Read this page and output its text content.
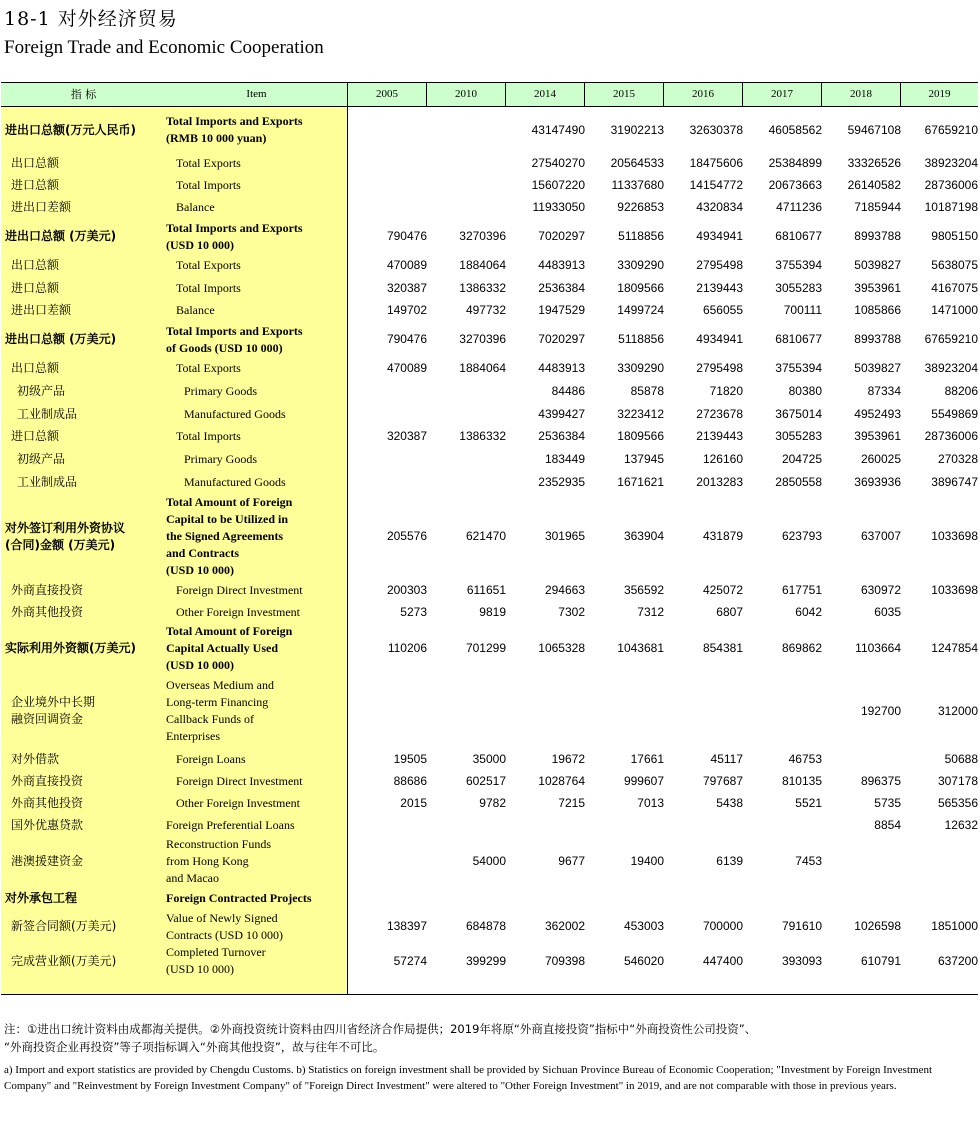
18-1 对外经济贸易
Foreign Trade and Economic Cooperation
指 标	Item	2005	2010	2014	2015	2016	2017	2018	2019
进出口总额(万元人民币)	Total Imports and Exports
(RMB 10 000 yuan)			43147490	31902213	32630378	46058562	59467108	67659210
出口总额	Total Exports			27540270	20564533	18475606	25384899	33326526	38923204
进口总额	Total Imports			15607220	11337680	14154772	20673663	26140582	28736006
进出口差额	Balance			11933050	9226853	4320834	4711236	7185944	10187198
进出口总额 (万美元)	Total Imports and Exports
(USD 10 000)	790476	3270396	7020297	5118856	4934941	6810677	8993788	9805150
出口总额	Total Exports	470089	1884064	4483913	3309290	2795498	3755394	5039827	5638075
进口总额	Total Imports	320387	1386332	2536384	1809566	2139443	3055283	3953961	4167075
进出口差额	Balance	149702	497732	1947529	1499724	656055	700111	1085866	1471000
进出口总额 (万美元)	Total Imports and Exports
of Goods (USD 10 000)	790476	3270396	7020297	5118856	4934941	6810677	8993788	67659210
出口总额	Total Exports	470089	1884064	4483913	3309290	2795498	3755394	5039827	38923204
初级产品	Primary Goods			84486	85878	71820	80380	87334	88206
工业制成品	Manufactured Goods			4399427	3223412	2723678	3675014	4952493	5549869
进口总额	Total Imports	320387	1386332	2536384	1809566	2139443	3055283	3953961	28736006
初级产品	Primary Goods			183449	137945	126160	204725	260025	270328
工业制成品	Manufactured Goods			2352935	1671621	2013283	2850558	3693936	3896747
对外签订利用外资协议
(合同)金额 (万美元)	Total Amount of Foreign
Capital to be Utilized in
the Signed Agreements
and Contracts
(USD 10 000)	205576	621470	301965	363904	431879	623793	637007	1033698
外商直接投资	Foreign Direct Investment	200303	611651	294663	356592	425072	617751	630972	1033698
外商其他投资	Other Foreign Investment	5273	9819	7302	7312	6807	6042	6035	
实际利用外资额(万美元)	Total Amount of Foreign
Capital Actually Used
(USD 10 000)	110206	701299	1065328	1043681	854381	869862	1103664	1247854
企业境外中长期
融资回调资金	Overseas Medium and
Long-term Financing
Callback Funds of
Enterprises							192700	312000
对外借款	Foreign Loans	19505	35000	19672	17661	45117	46753		50688
外商直接投资	Foreign Direct Investment	88686	602517	1028764	999607	797687	810135	896375	307178
外商其他投资	Other Foreign Investment	2015	9782	7215	7013	5438	5521	5735	565356
国外优惠贷款	Foreign Preferential Loans							8854	12632
港澳援建资金	Reconstruction Funds
from Hong Kong
and Macao		54000	9677	19400	6139	7453		
对外承包工程	Foreign Contracted Projects								
新签合同额(万美元)	Value of Newly Signed
Contracts (USD 10 000)	138397	684878	362002	453003	700000	791610	1026598	1851000
完成营业额(万美元)	Completed Turnover
(USD 10 000)	57274	399299	709398	546020	447400	393093	610791	637200
注：①进出口统计资料由成都海关提供。②外商投资统计资料由四川省经济合作局提供；2019年将原“外商直接投资”指标中“外商投资性公司投资”、
“外商投资企业再投资”等子项指标调入“外商其他投资”，故与往年不可比。
a) Import and export statistics are provided by Chengdu Customs. b) Statistics on foreign investment shall be provided by Sichuan Province Bureau of Economic Cooperation; "Investment by Foreign Investment Company" and "Reinvestment by Foreign Investment Company" of "Foreign Direct Investment" were altered to "Other Foreign Investment" in 2019, and are not comparable with those in previous years.
